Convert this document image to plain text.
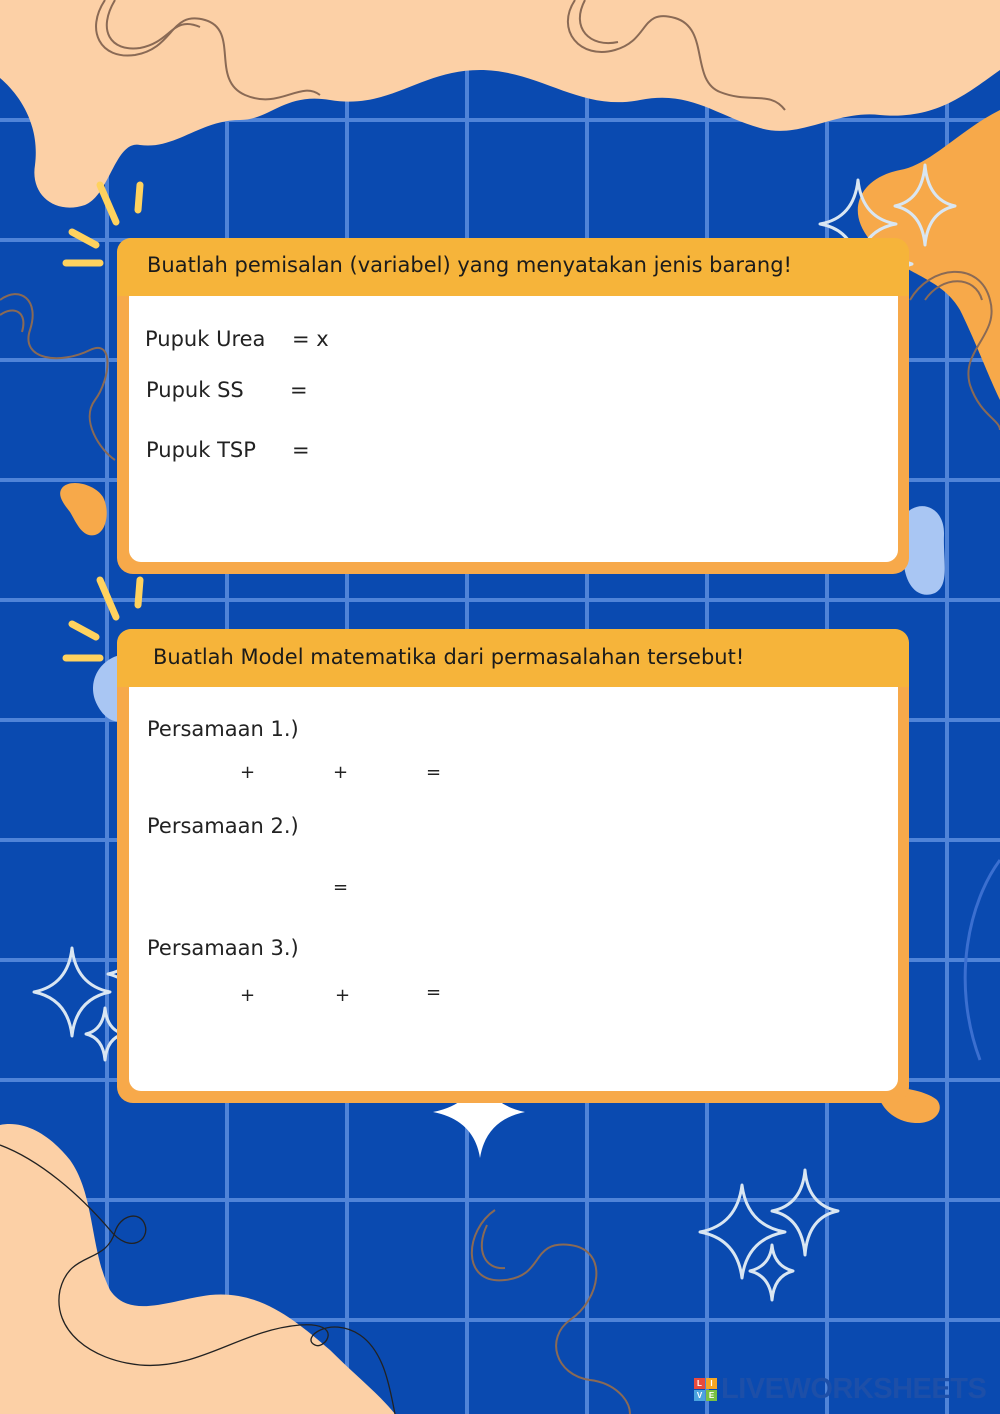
Buatlah pemisalan (variabel) yang menyatakan jenis barang!
Pupuk Urea = x
Pupuk SS =
Pupuk TSP =
Buatlah Model matematika dari permasalahan tersebut!
Persamaan 1.)
+	+	=
Persamaan 2.)
=
Persamaan 3.)
+	+	=
L	I
V E LIVEWORKSHEETS
